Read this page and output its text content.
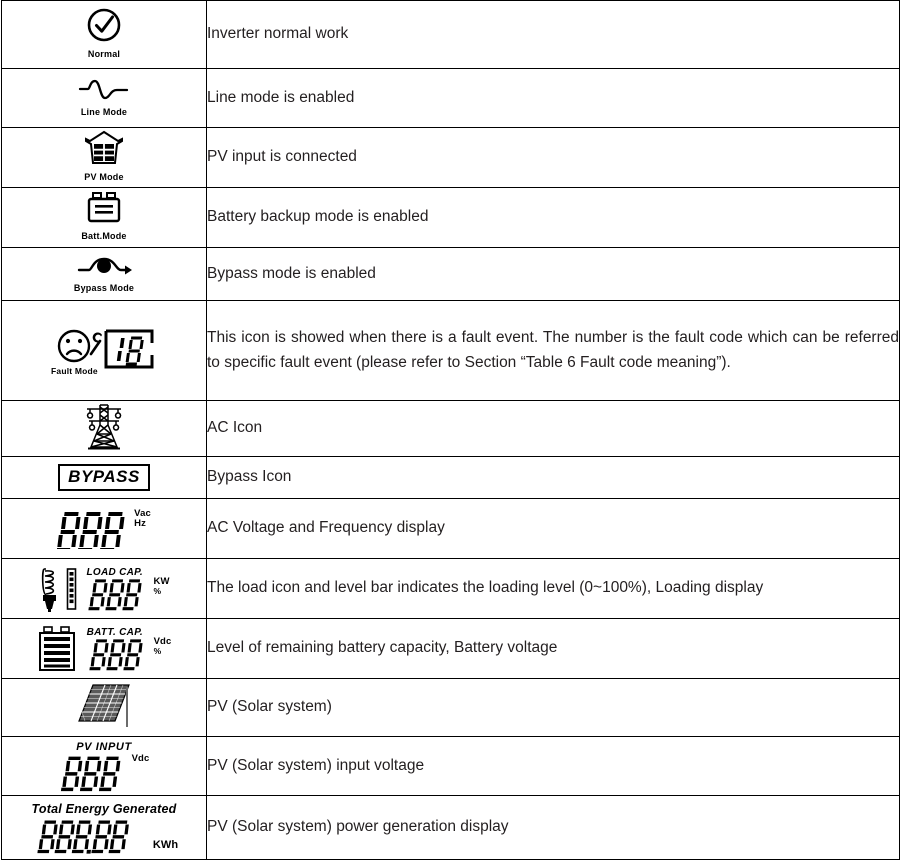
Normal	Inverter normal work

Line Mode	Line mode is enabled

PV Mode	PV input is connected

Batt.Mode	Battery backup mode is enabled

Bypass Mode	Bypass mode is enabled

Fault Mode	This icon is showed when there is a fault event. The number is the fault code which can be referred to specific fault event (please refer to Section “Table 6 Fault code meaning”).
	AC Icon
BYPASS	Bypass Icon

Vac
Hz	AC Voltage and Frequency display

LOAD CAP.
KW
%	The load icon and level bar indicates the loading level (0~100%), Loading display

BATT. CAP.
Vdc
%	Level of remaining battery capacity, Battery voltage
	PV (Solar system)

PV INPUT
Vdc	PV (Solar system) input voltage

Total Energy Generated
KWh	PV (Solar system) power generation display
